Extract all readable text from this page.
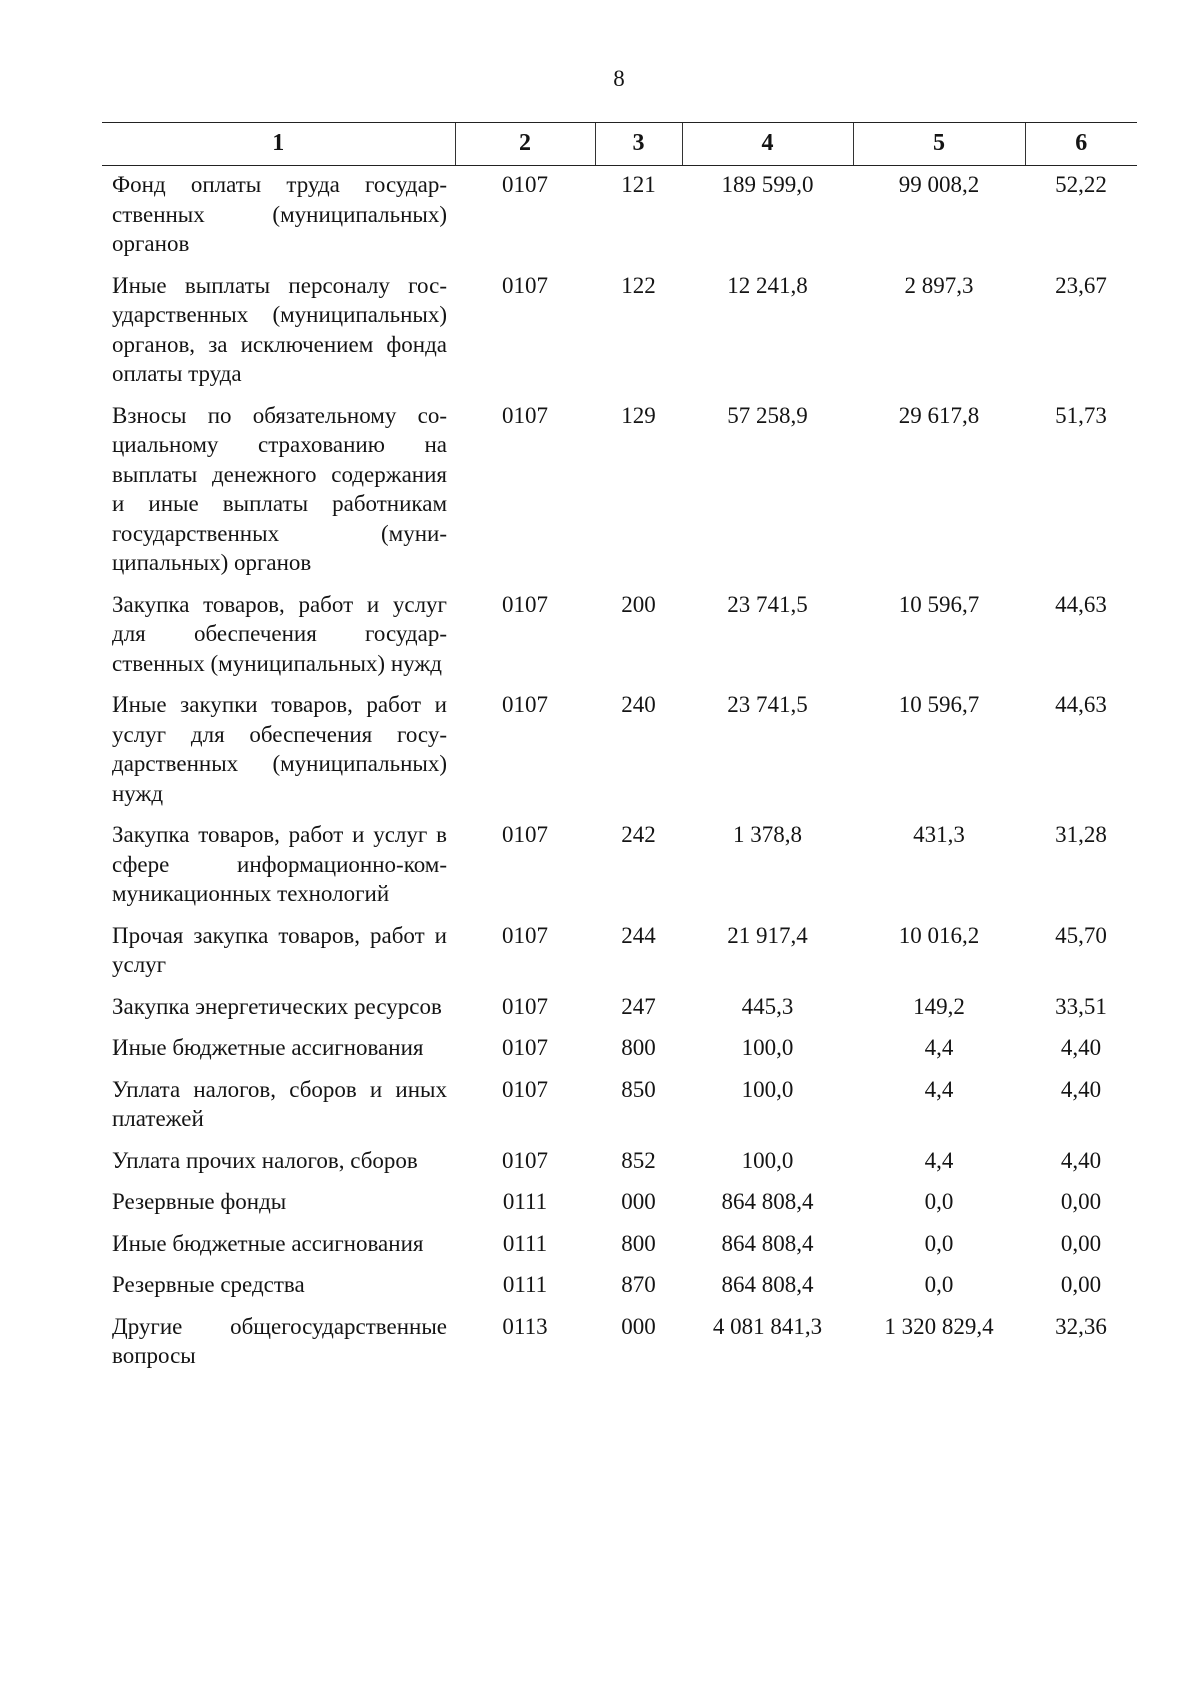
8
1	2	3	4	5	6
Фонд оплаты труда государственных (муниципальных) органов	0107	121	189 599,0	99 008,2	52,22
Иные выплаты персоналу государственных (муниципальных) органов, за исключением фонда оплаты труда	0107	122	12 241,8	2 897,3	23,67
Взносы по обязательному социальному страхованию на выплаты денежного содержания и иные выплаты работникам государственных (муниципальных) органов	0107	129	57 258,9	29 617,8	51,73
Закупка товаров, работ и услуг для обеспечения государственных (муниципальных) нужд	0107	200	23 741,5	10 596,7	44,63
Иные закупки товаров, работ и услуг для обеспечения государственных (муниципальных) нужд	0107	240	23 741,5	10 596,7	44,63
Закупка товаров, работ и услуг в сфере информационно-коммуникационных технологий	0107	242	1 378,8	431,3	31,28
Прочая закупка товаров, работ и услуг	0107	244	21 917,4	10 016,2	45,70
Закупка энергетических ресурсов	0107	247	445,3	149,2	33,51
Иные бюджетные ассигнования	0107	800	100,0	4,4	4,40
Уплата налогов, сборов и иных платежей	0107	850	100,0	4,4	4,40
Уплата прочих налогов, сборов	0107	852	100,0	4,4	4,40
Резервные фонды	0111	000	864 808,4	0,0	0,00
Иные бюджетные ассигнования	0111	800	864 808,4	0,0	0,00
Резервные средства	0111	870	864 808,4	0,0	0,00
Другие общегосударственные вопросы	0113	000	4 081 841,3	1 320 829,4	32,36
